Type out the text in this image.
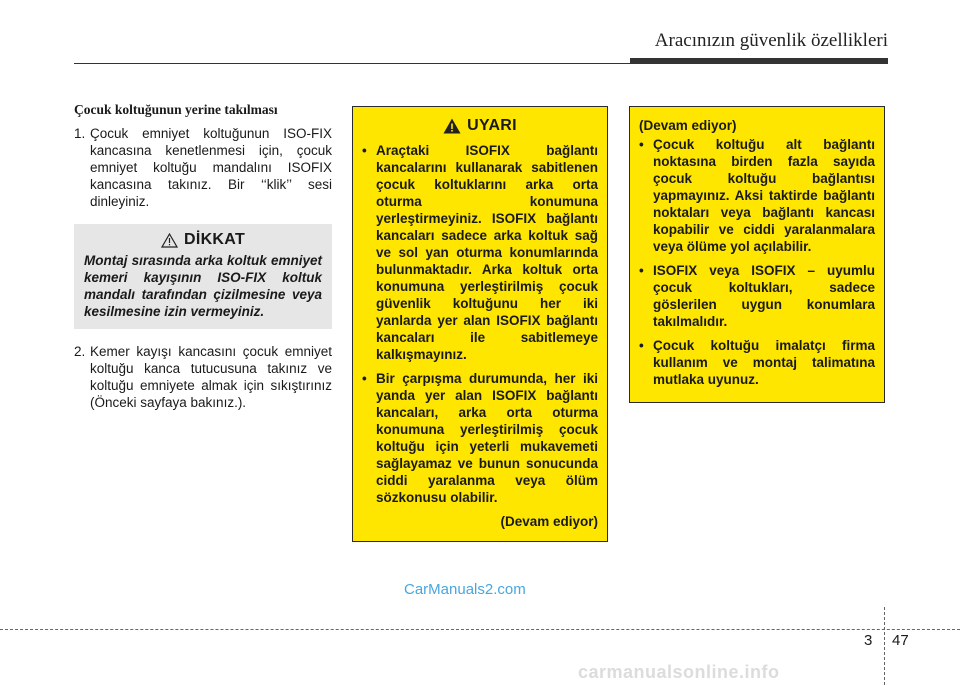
Aracınızın güvenlik özellikleri
Çocuk koltuğunun yerine takılması
1. Çocuk emniyet koltuğunun ISO-FIX kancasına kenetlenmesi için, çocuk emniyet koltuğu mandalını ISOFIX kancasına takınız. Bir ‘‘klik’’ sesi dinleyiniz.
DİKKAT
Montaj sırasında arka koltuk emniyet kemeri kayışının ISO-FIX koltuk mandalı tarafından çizilmesine veya kesilmesine izin vermeyiniz.
2. Kemer kayışı kancasını çocuk emniyet koltuğu kanca tutucusuna takınız ve koltuğu emniyete almak için sıkıştırınız (Önceki sayfaya bakınız.).
UYARI
• Araçtaki ISOFIX bağlantı kancalarını kullanarak sabitlenen çocuk koltuklarını arka orta oturma konumuna yerleştirmeyiniz. ISOFIX bağlantı kancaları sadece arka koltuk sağ ve sol yan oturma konumlarında bulunmaktadır. Arka koltuk orta konumuna yerleştirilmiş çocuk güvenlik koltuğunu her iki yanlarda yer alan ISOFIX bağlantı kancaları ile sabitlemeye kalkışmayınız.
• Bir çarpışma durumunda, her iki yanda yer alan ISOFIX bağlantı kancaları, arka orta oturma konumuna yerleştirilmiş çocuk koltuğu için yeterli mukavemeti sağlayamaz ve bunun sonucunda ciddi yaralanma veya ölüm sözkonusu olabilir.
(Devam ediyor)
(Devam ediyor)
• Çocuk koltuğu alt bağlantı noktasına birden fazla sayıda çocuk koltuğu bağlantısı yapmayınız. Aksi taktirde bağlantı noktaları veya bağlantı kancası kopabilir ve ciddi yaralanmalara veya ölüme yol açılabilir.
• ISOFIX veya ISOFIX – uyumlu çocuk koltukları, sadece göslerilen uygun konumlara takılmalıdır.
• Çocuk koltuğu imalatçı firma kullanım ve montaj talimatına mutlaka uyunuz.
CarManuals2.com
3 47
carmanualsonline.info
